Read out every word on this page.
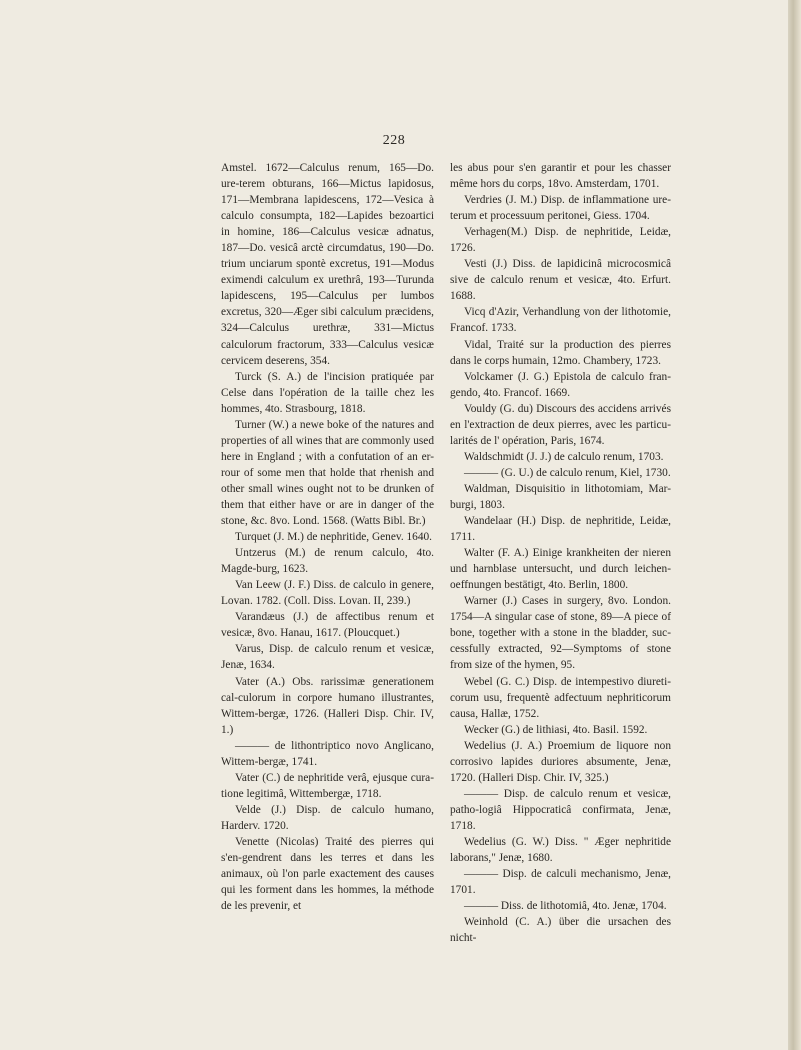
228

Amstel. 1672—Calculus renum, 165—Do. ure-terem obturans, 166—Mictus lapidosus, 171—Membrana lapidescens, 172—Vesica à calculo consumpta, 182—Lapides bezoartici in homine, 186—Calculus vesicæ adnatus, 187—Do. vesicâ arctè circumdatus, 190—Do. trium unciarum spontè excretus, 191—Modus eximendi calculum ex urethrâ, 193—Turunda lapidescens, 195—Calculus per lumbos excretus, 320—Æger sibi calculum præcidens, 324—Calculus urethræ, 331—Mictus calculorum fractorum, 333—Calculus vesicæ cervicem deserens, 354.

Turck (S. A.) de l'incision pratiquée par Celse dans l'opération de la taille chez les hommes, 4to. Strasbourg, 1818.

Turner (W.) a newe boke of the natures and properties of all wines that are commonly used here in England ; with a confutation of an er-rour of some men that holde that rhenish and other small wines ought not to be drunken of them that either have or are in danger of the stone, &c. 8vo. Lond. 1568. (Watts Bibl. Br.)

Turquet (J. M.) de nephritide, Genev. 1640.

Untzerus (M.) de renum calculo, 4to. Magde-burg, 1623.

Van Leew (J. F.) Diss. de calculo in genere, Lovan. 1782. (Coll. Diss. Lovan. II, 239.)

Varandæus (J.) de affectibus renum et vesicæ, 8vo. Hanau, 1617. (Ploucquet.)

Varus, Disp. de calculo renum et vesicæ, Jenæ, 1634.

Vater (A.) Obs. rarissimæ generationem cal-culorum in corpore humano illustrantes, Wittem-bergæ, 1726. (Halleri Disp. Chir. IV, 1.)

——— de lithontriptico novo Anglicano, Wittem-bergæ, 1741.

Vater (C.) de nephritide verâ, ejusque cura-tione legitimâ, Wittembergæ, 1718.

Velde (J.) Disp. de calculo humano, Harderv. 1720.

Venette (Nicolas) Traité des pierres qui s'en-gendrent dans les terres et dans les animaux, où l'on parle exactement des causes qui les forment dans les hommes, la méthode de les prevenir, et

les abus pour s'en garantir et pour les chasser même hors du corps, 18vo. Amsterdam, 1701.

Verdries (J. M.) Disp. de inflammatione ure-terum et processuum peritonei, Giess. 1704.

Verhagen(M.) Disp. de nephritide, Leidæ, 1726.

Vesti (J.) Diss. de lapidicinâ microcosmicâ sive de calculo renum et vesicæ, 4to. Erfurt. 1688.

Vicq d'Azir, Verhandlung von der lithotomie, Francof. 1733.

Vidal, Traité sur la production des pierres dans le corps humain, 12mo. Chambery, 1723.

Volckamer (J. G.) Epistola de calculo fran-gendo, 4to. Francof. 1669.

Vouldy (G. du) Discours des accidens arrivés en l'extraction de deux pierres, avec les particu-larités de l' opération, Paris, 1674.

Waldschmidt (J. J.) de calculo renum, 1703.

——— (G. U.) de calculo renum, Kiel, 1730.

Waldman, Disquisitio in lithotomiam, Mar-burgi, 1803.

Wandelaar (H.) Disp. de nephritide, Leidæ, 1711.

Walter (F. A.) Einige krankheiten der nieren und harnblase untersucht, und durch leichen-oeffnungen bestätigt, 4to. Berlin, 1800.

Warner (J.) Cases in surgery, 8vo. London. 1754—A singular case of stone, 89—A piece of bone, together with a stone in the bladder, suc-cessfully extracted, 92—Symptoms of stone from size of the hymen, 95.

Webel (G. C.) Disp. de intempestivo diureti-corum usu, frequentè adfectuum nephriticorum causa, Hallæ, 1752.

Wecker (G.) de lithiasi, 4to. Basil. 1592.

Wedelius (J. A.) Proemium de liquore non corrosivo lapides duriores absumente, Jenæ, 1720. (Halleri Disp. Chir. IV, 325.)

——— Disp. de calculo renum et vesicæ, patho-logiâ Hippocraticâ confirmata, Jenæ, 1718.

Wedelius (G. W.) Diss. " Æger nephritide laborans," Jenæ, 1680.

——— Disp. de calculi mechanismo, Jenæ, 1701.

——— Diss. de lithotomiâ, 4to. Jenæ, 1704.

Weinhold (C. A.) über die ursachen des nicht-
